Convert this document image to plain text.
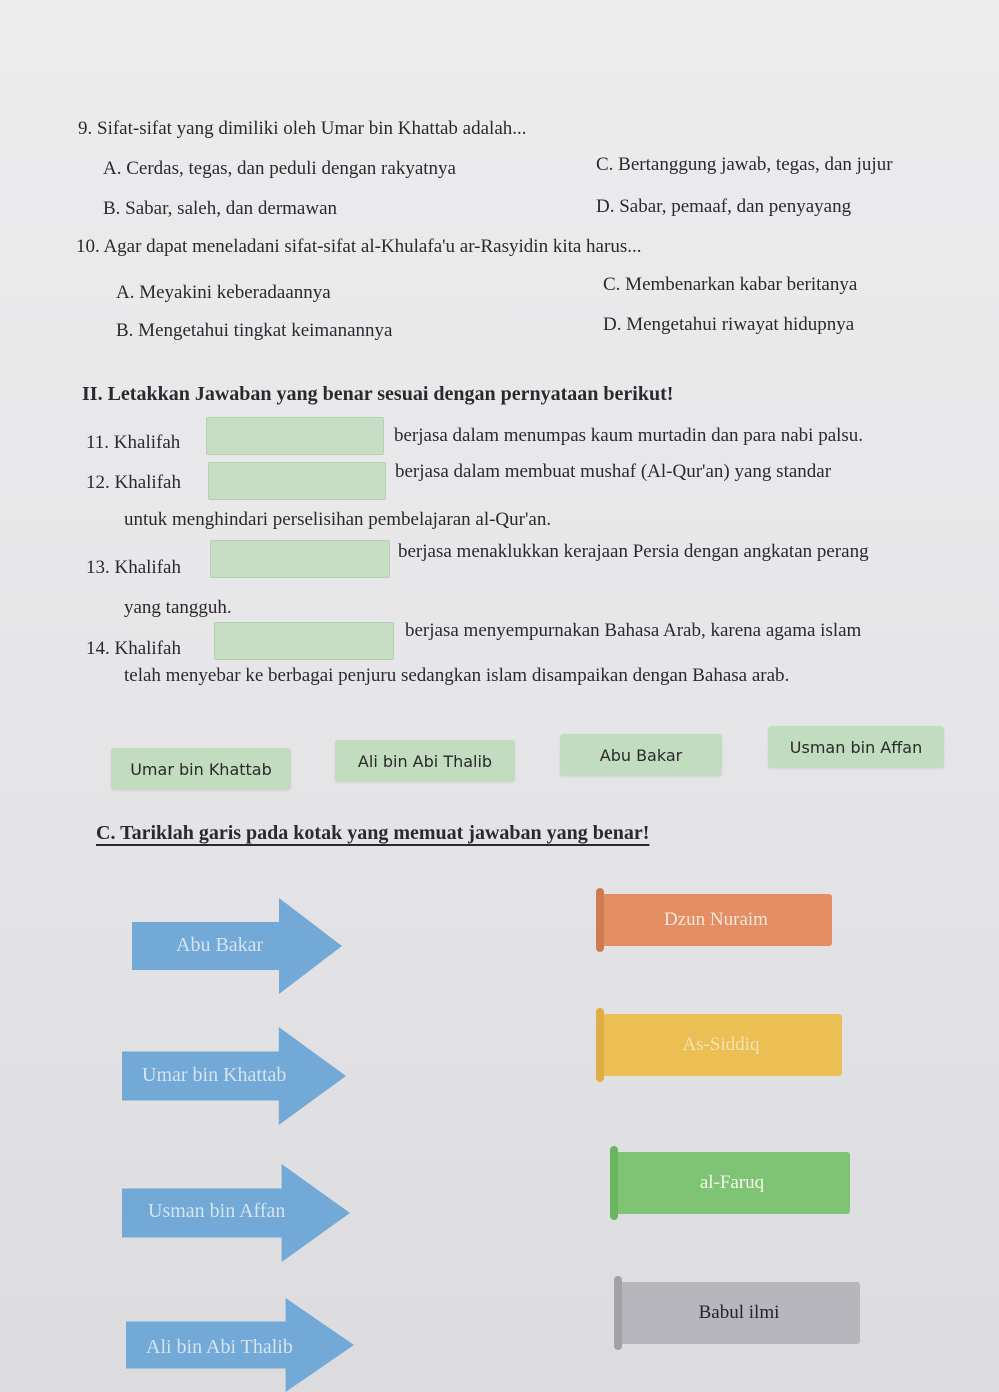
9. Sifat-sifat yang dimiliki oleh Umar bin Khattab adalah...
A. Cerdas, tegas, dan peduli dengan rakyatnya	C. Bertanggung jawab, tegas, dan jujur
B. Sabar, saleh, dan dermawan	D. Sabar, pemaaf, dan penyayang
10. Agar dapat meneladani sifat-sifat al-Khulafa'u ar-Rasyidin kita harus...
A. Meyakini keberadaannya	C. Membenarkan kabar beritanya
B. Mengetahui tingkat keimanannya	D. Mengetahui riwayat hidupnya
II. Letakkan Jawaban yang benar sesuai dengan pernyataan berikut!
11. Khalifah	berjasa dalam menumpas kaum murtadin dan para nabi palsu.
12. Khalifah
berjasa dalam membuat mushaf (Al-Qur'an) yang standar
untuk menghindari perselisihan pembelajaran al-Qur'an.
13. Khalifah
berjasa menaklukkan kerajaan Persia dengan angkatan perang
yang tangguh.
14. Khalifah
berjasa menyempurnakan Bahasa Arab, karena agama islam
telah menyebar ke berbagai penjuru sedangkan islam disampaikan dengan Bahasa arab.
Umar bin Khattab	Ali bin Abi Thalib	Abu Bakar	Usman bin Affan
C. Tariklah garis pada kotak yang memuat jawaban yang benar!
Abu Bakar
Umar bin Khattab
Usman bin Affan
Ali bin Abi Thalib
Dzun Nuraim
As-Siddiq
al-Faruq
Babul ilmi
